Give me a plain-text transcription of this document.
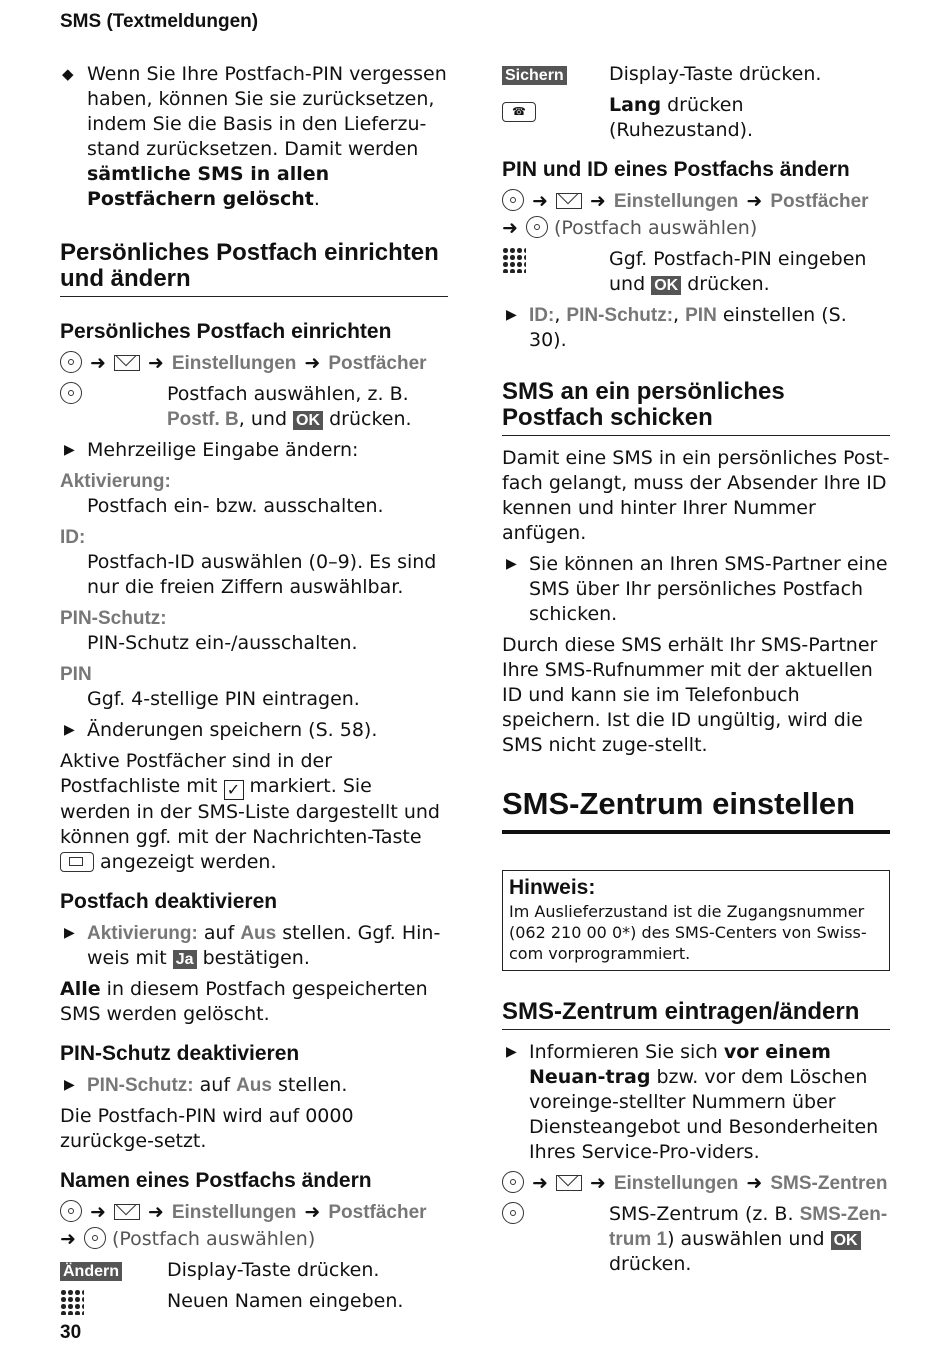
SMS (Textmeldungen)
◆ Wenn Sie Ihre Postfach-PIN vergessen haben, können Sie sie zurücksetzen, indem Sie die Basis in den Lieferzu-stand zurücksetzen. Damit werden sämtliche SMS in allen Postfächern gelöscht.
Persönliches Postfach einrichten und ändern
Persönliches Postfach einrichten

➜ ➜ Einstellungen ➜ Postfächer

Postfach auswählen, z. B. Postf. B, und OK drücken.
▶ Mehrzeilige Eingabe ändern:
Aktivierung:
Postfach ein- bzw. ausschalten.
ID:
Postfach-ID auswählen (0–9). Es sind nur die freien Ziffern auswählbar.
PIN-Schutz:
PIN-Schutz ein-/ausschalten.
PIN
Ggf. 4-stellige PIN eintragen.
▶ Änderungen speichern (S. 58).

Aktive Postfächer sind in der Postfachliste mit ✓ markiert. Sie werden in der SMS-Liste dargestellt und können ggf. mit der Nachrichten-Taste  angezeigt werden.

Postfach deaktivieren
▶ Aktivierung: auf Aus stellen. Ggf. Hin-weis mit Ja bestätigen.

Alle in diesem Postfach gespeicherten SMS werden gelöscht.

PIN-Schutz deaktivieren
▶ PIN-Schutz: auf Aus stellen.

Die Postfach-PIN wird auf 0000 zurückge-setzt.

Namen eines Postfachs ändern

➜ ➜ Einstellungen ➜ Postfächer

➜ (Postfach auswählen)

Ändern	Display-Taste drücken.
Neuen Namen eingeben.
Sichern	Display-Taste drücken.
☎	Lang drücken (Ruhezustand).
PIN und ID eines Postfachs ändern

➜ ➜ Einstellungen ➜ Postfächer

➜ (Postfach auswählen)

Ggf. Postfach-PIN eingeben und OK drücken.
▶ ID:, PIN-Schutz:, PIN einstellen (S. 30).
SMS an ein persönliches Postfach schicken

Damit eine SMS in ein persönliches Post-fach gelangt, muss der Absender Ihre ID kennen und hinter Ihrer Nummer anfügen.

▶ Sie können an Ihren SMS-Partner eine SMS über Ihr persönliches Postfach schicken.

Durch diese SMS erhält Ihr SMS-Partner Ihre SMS-Rufnummer mit der aktuellen ID und kann sie im Telefonbuch speichern. Ist die ID ungültig, wird die SMS nicht zuge-stellt.

SMS-Zentrum einstellen
Hinweis:
Im Auslieferzustand ist die Zugangsnummer (062 210 00 0*) des SMS-Centers von Swiss-com vorprogrammiert.
SMS-Zentrum eintragen/ändern
▶ Informieren Sie sich vor einem Neuan-trag bzw. vor dem Löschen voreinge-stellter Nummern über Diensteangebot und Besonderheiten Ihres Service-Pro-viders.

➜ ➜ Einstellungen ➜ SMS-Zentren

SMS-Zentrum (z. B. SMS-Zen-trum 1) auswählen und OK drücken.
30
